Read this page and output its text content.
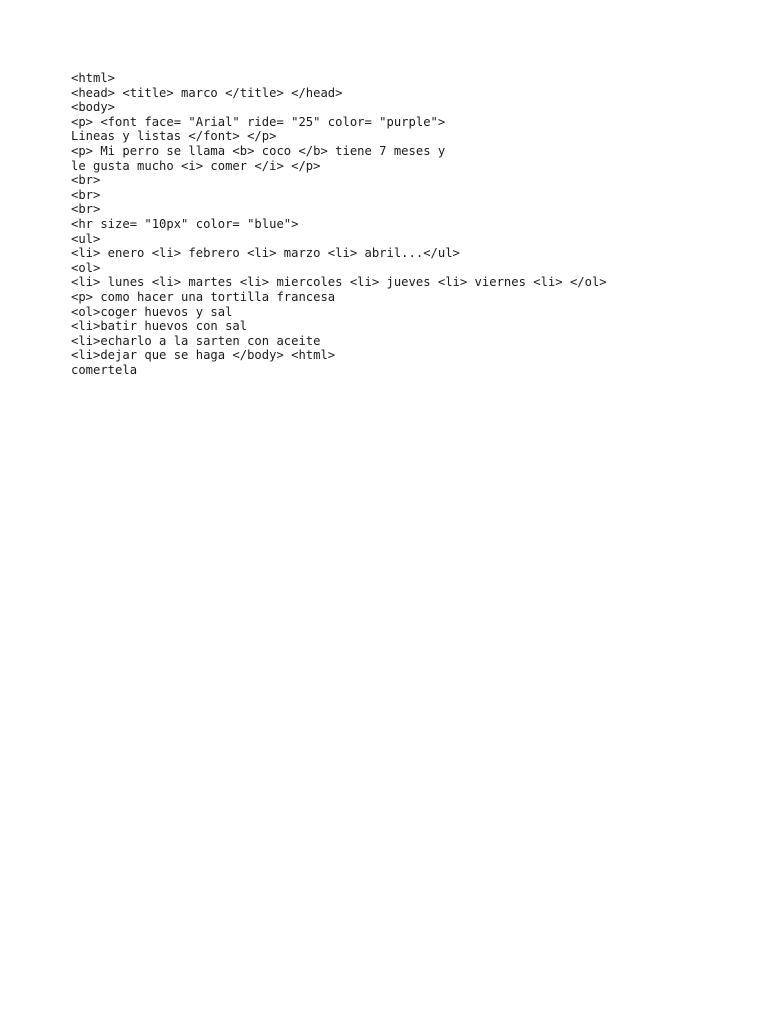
<html>
<head> <title> marco </title> </head>
<body>
<p> <font face= "Arial" ride= "25" color= "purple">
Lineas y listas </font> </p>
<p> Mi perro se llama <b> coco </b> tiene 7 meses y
le gusta mucho <i> comer </i> </p>
<br>
<br>
<br>
<hr size= "10px" color= "blue">
<ul>
<li> enero <li> febrero <li> marzo <li> abril...</ul>
<ol>
<li> lunes <li> martes <li> miercoles <li> jueves <li> viernes <li> </ol>
<p> como hacer una tortilla francesa
<ol>coger huevos y sal
<li>batir huevos con sal
<li>echarlo a la sarten con aceite
<li>dejar que se haga </body> <html>
comertela
